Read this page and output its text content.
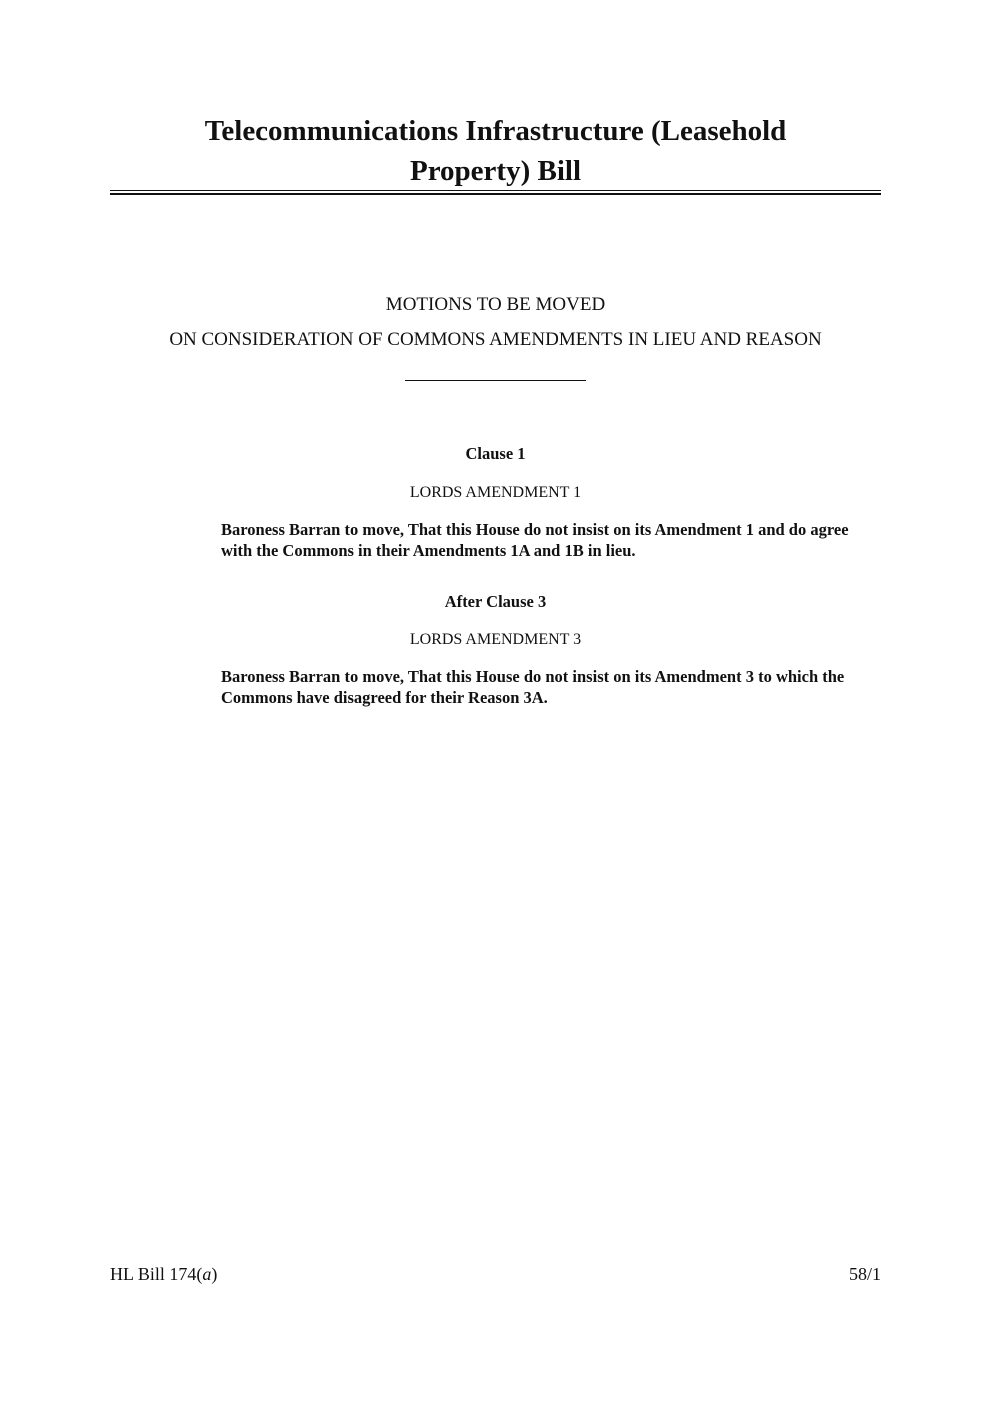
Telecommunications Infrastructure (Leasehold
Property) Bill
MOTIONS TO BE MOVED
ON CONSIDERATION OF COMMONS AMENDMENTS IN LIEU AND REASON
Clause 1
LORDS AMENDMENT 1
Baroness Barran to move, That this House do not insist on its Amendment 1 and do agree with the Commons in their Amendments 1A and 1B in lieu.
After Clause 3
LORDS AMENDMENT 3
Baroness Barran to move, That this House do not insist on its Amendment 3 to which the Commons have disagreed for their Reason 3A.
HL Bill 174(a)	58/1
